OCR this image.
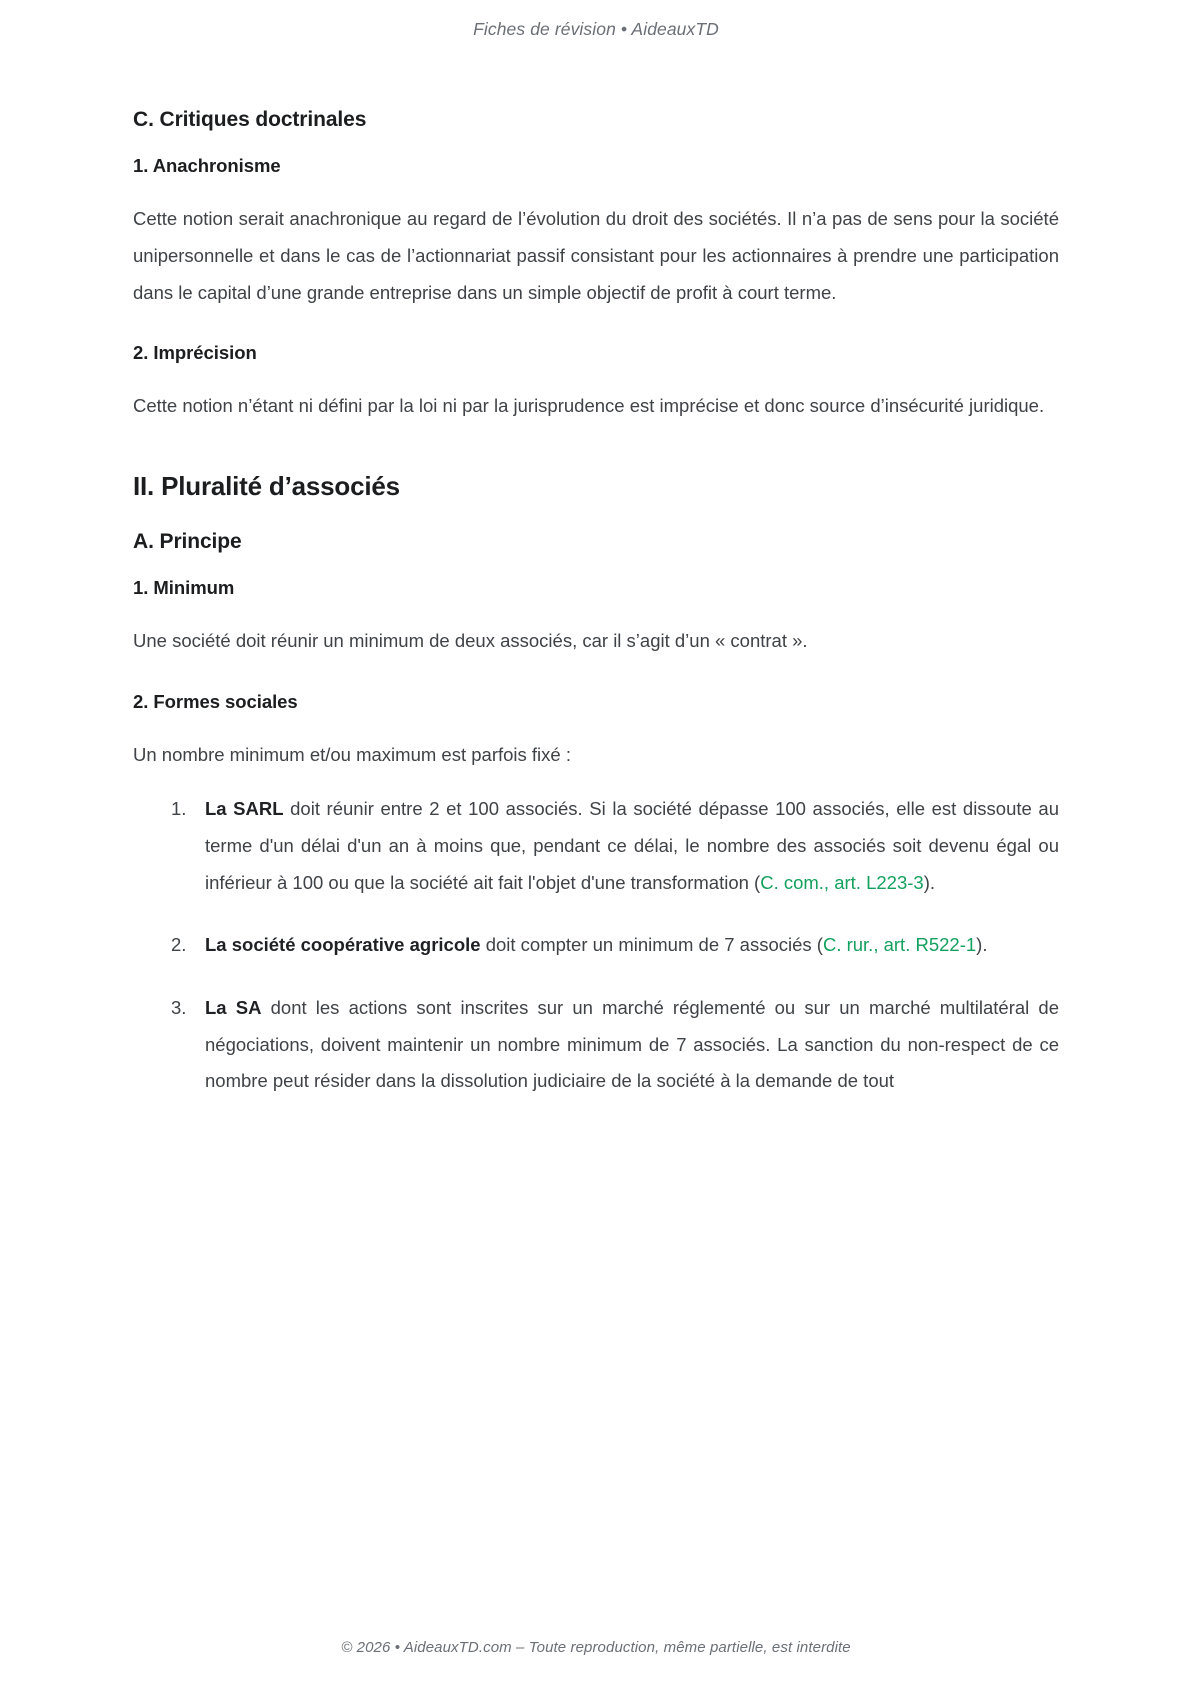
Fiches de révision • AideauxTD
C. Critiques doctrinales
1. Anachronisme

Cette notion serait anachronique au regard de l’évolution du droit des sociétés. Il n’a pas de sens pour la société unipersonnelle et dans le cas de l’actionnariat passif consistant pour les actionnaires à prendre une participation dans le capital d’une grande entreprise dans un simple objectif de profit à court terme.

2. Imprécision

Cette notion n’étant ni défini par la loi ni par la jurisprudence est imprécise et donc source d’insécurité juridique.

II. Pluralité d’associés
A. Principe
1. Minimum

Une société doit réunir un minimum de deux associés, car il s’agit d’un « contrat ».

2. Formes sociales

Un nombre minimum et/ou maximum est parfois fixé :

La SARL doit réunir entre 2 et 100 associés. Si la société dépasse 100 associés, elle est dissoute au terme d'un délai d'un an à moins que, pendant ce délai, le nombre des associés soit devenu égal ou inférieur à 100 ou que la société ait fait l'objet d'une transformation (C. com., art. L223-3).
La société coopérative agricole doit compter un minimum de 7 associés (C. rur., art. R522-1).
La SA dont les actions sont inscrites sur un marché réglementé ou sur un marché multilatéral de négociations, doivent maintenir un nombre minimum de 7 associés. La sanction du non-respect de ce nombre peut résider dans la dissolution judiciaire de la société à la demande de tout
© 2026 • AideauxTD.com – Toute reproduction, même partielle, est interdite
